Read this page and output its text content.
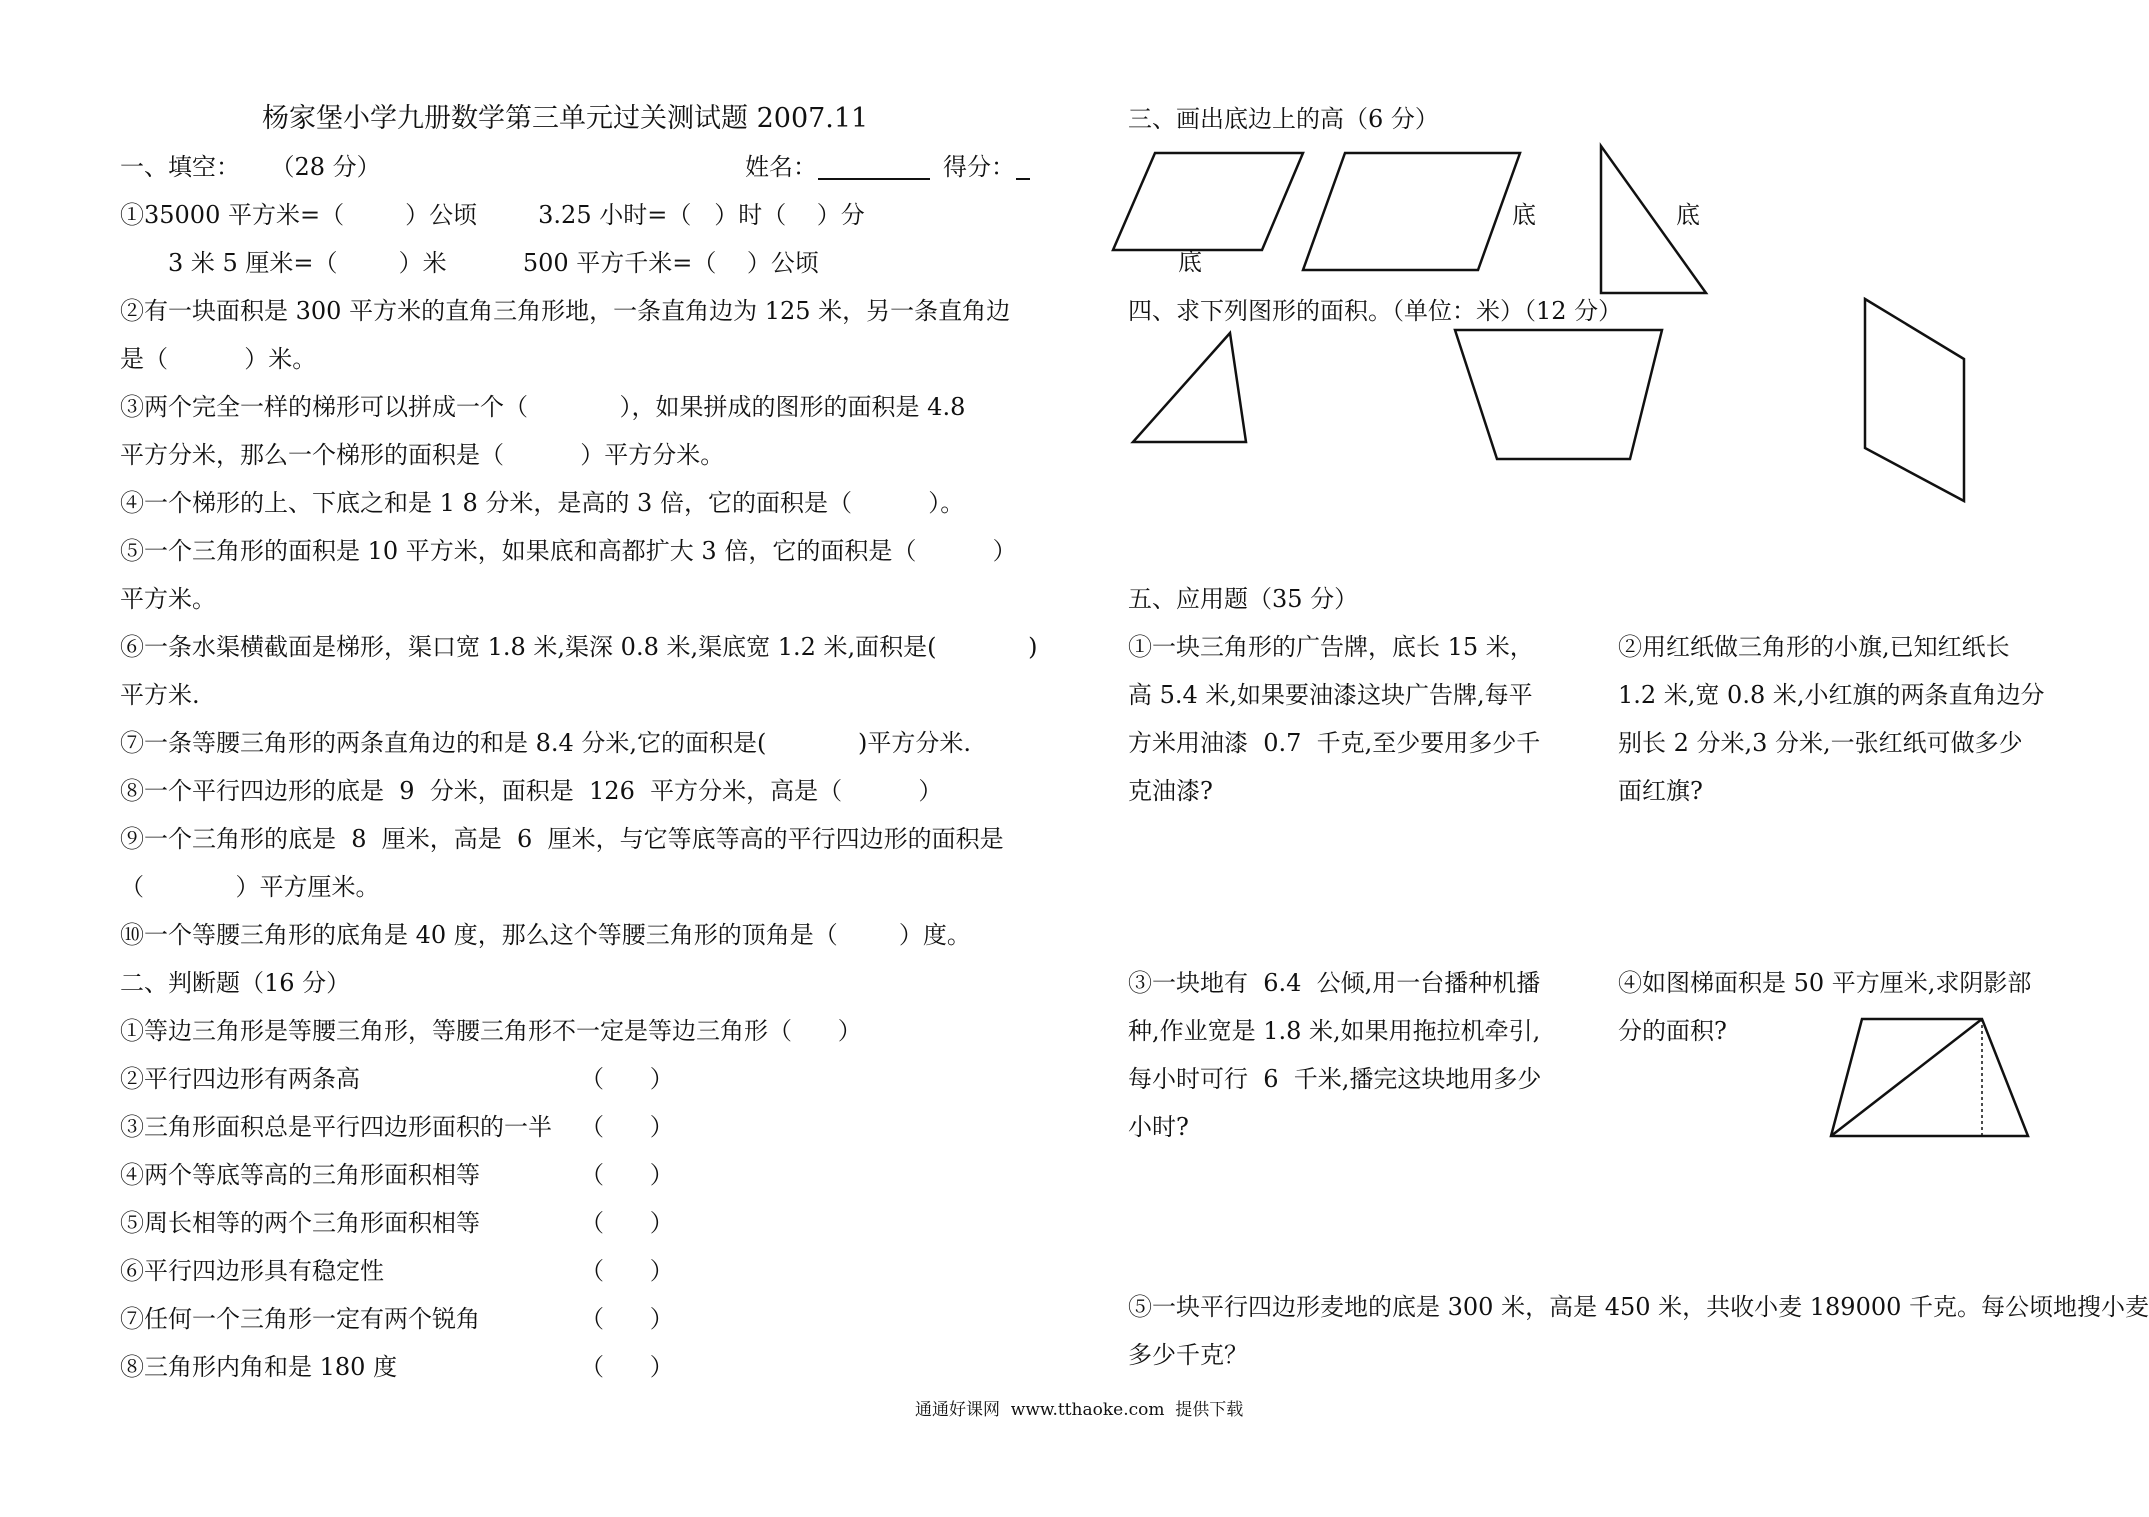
杨家堡小学九册数学第三单元过关测试题 2007.11
一、填空：    （28 分）	姓名：	得分：
①35000 平方米=（        ）公顷        3.25 小时=（   ）时（    ）分
3 米 5 厘米=（        ）米          500 平方千米=（    ）公顷
②有一块面积是 300 平方米的直角三角形地，一条直角边为 125 米，另一条直角边
是（          ）米。
③两个完全一样的梯形可以拼成一个（            ），如果拼成的图形的面积是 4.8
平方分米，那么一个梯形的面积是（          ）平方分米。
④一个梯形的上、下底之和是 1 8 分米，是高的 3 倍，它的面积是（          ）。
⑤一个三角形的面积是 10 平方米，如果底和高都扩大 3 倍，它的面积是（          ）
平方米。
⑥一条水渠横截面是梯形，渠口宽 1.8 米,渠深 0.8 米,渠底宽 1.2 米,面积是(            )
平方米.
⑦一条等腰三角形的两条直角边的和是 8.4 分米,它的面积是(            )平方分米.
⑧一个平行四边形的底是  9  分米，面积是  126  平方分米，高是（          ）
⑨一个三角形的底是  8  厘米，高是  6  厘米，与它等底等高的平行四边形的面积是
（            ）平方厘米。
⑩一个等腰三角形的底角是 40 度，那么这个等腰三角形的顶角是（        ）度。
二、判断题（16 分）
①等边三角形是等腰三角形，等腰三角形不一定是等边三角形（      ）
②平行四边形有两条高	（      ）
③三角形面积总是平行四边形面积的一半 （      ）
④两个等底等高的三角形面积相等	（      ）
⑤周长相等的两个三角形面积相等	（      ）
⑥平行四边形具有稳定性	（      ）
⑦任何一个三角形一定有两个锐角	（      ）
⑧三角形内角和是 180 度	（      ）
三、画出底边上的高（6 分）
底
底	底
四、求下列图形的面积。（单位：米）（12 分）
五、应用题（35 分）
①一块三角形的广告牌，底长 15 米，
高 5.4 米,如果要油漆这块广告牌,每平
方米用油漆  0.7  千克,至少要用多少千
克油漆?
②用红纸做三角形的小旗,已知红纸长
1.2 米,宽 0.8 米,小红旗的两条直角边分
别长 2 分米,3 分米,一张红纸可做多少
面红旗?
③一块地有  6.4  公倾,用一台播种机播
种,作业宽是 1.8 米,如果用拖拉机牵引,
每小时可行  6  千米,播完这块地用多少
小时?
④如图梯面积是 50 平方厘米,求阴影部
分的面积?
⑤一块平行四边形麦地的底是 300 米，高是 450 米，共收小麦 189000 千克。每公顷地搜小麦
多少千克？
通通好课网  www.tthaoke.com  提供下载
